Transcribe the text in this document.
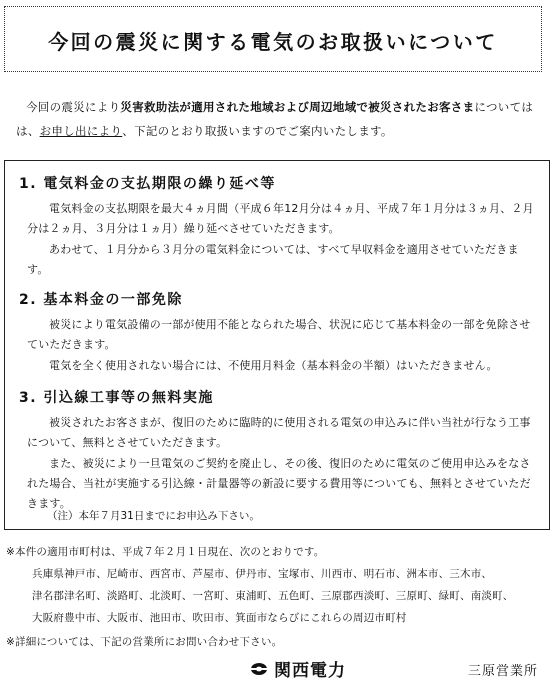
今回の震災に関する電気のお取扱いについて
今回の震災により災害救助法が適用された地域および周辺地域で被災されたお客さまについては
は、お申し出により、下記のとおり取扱いますのでご案内いたします。
1. 電気料金の支払期限の繰り延べ等
電気料金の支払期限を最大４ヵ月間（平成６年12月分は４ヵ月、平成７年１月分は３ヵ月、２月分は２ヵ月、３月分は１ヵ月）繰り延べさせていただきます。
あわせて、１月分から３月分の電気料金については、すべて早収料金を適用させていただきます。
2. 基本料金の一部免除
被災により電気設備の一部が使用不能となられた場合、状況に応じて基本料金の一部を免除させていただきます。
電気を全く使用されない場合には、不使用月料金（基本料金の半額）はいただきません。
3. 引込線工事等の無料実施
被災されたお客さまが、復旧のために臨時的に使用される電気の申込みに伴い当社が行なう工事について、無料とさせていただきます。
また、被災により一旦電気のご契約を廃止し、その後、復旧のために電気のご使用申込みをなされた場合、当社が実施する引込線・計量器等の新設に要する費用等についても、無料とさせていただきます。
（注）本年７月31日までにお申込み下さい。
※本件の適用市町村は、平成７年２月１日現在、次のとおりです。
兵庫県神戸市、尼崎市、西宮市、芦屋市、伊丹市、宝塚市、川西市、明石市、洲本市、三木市、
津名郡津名町、淡路町、北淡町、一宮町、東浦町、五色町、三原郡西淡町、三原町、緑町、南淡町、
大阪府豊中市、大阪市、池田市、吹田市、箕面市ならびにこれらの周辺市町村
※詳細については、下記の営業所にお問い合わせ下さい。
関西電力	三原営業所
